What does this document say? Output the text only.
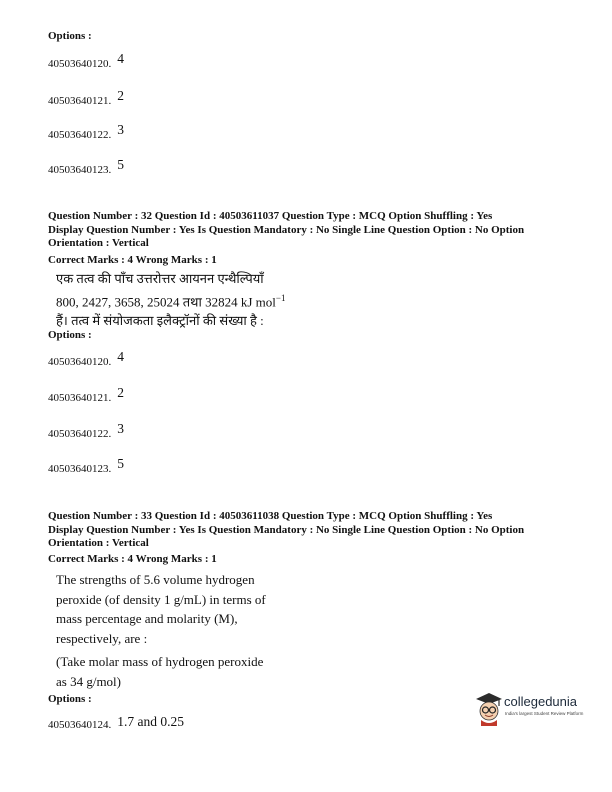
Options :
40503640120. $^4$
40503640121. $^2$
40503640122. $^3$
40503640123. $^5$
Question Number : 32 Question Id : 40503611037 Question Type : MCQ Option Shuffling : Yes
Display Question Number : Yes Is Question Mandatory : No Single Line Question Option : No Option
Orientation : Vertical
Correct Marks : 4 Wrong Marks : 1
एक तत्व की पाँच उत्तरोत्तर आयनन एन्थैल्पियाँ
800, 2427, 3658, 25024 तथा 32824 kJ mol$^{-1}$
हैं। तत्व में संयोजकता इलैक्ट्रॉनों की संख्या है :
Options :
40503640120. $^4$
40503640121. $^2$
40503640122. $^3$
40503640123. $^5$
Question Number : 33 Question Id : 40503611038 Question Type : MCQ Option Shuffling : Yes
Display Question Number : Yes Is Question Mandatory : No Single Line Question Option : No Option
Orientation : Vertical
Correct Marks : 4 Wrong Marks : 1
The strengths of 5.6 volume hydrogen
peroxide (of density 1 g/mL) in terms of
mass percentage and molarity (M),
respectively, are :
(Take molar mass of hydrogen peroxide
as 34 g/mol)
Options :
40503640124. 1.7 and 0.25
collegedunia
India's largest Student Review Platform
